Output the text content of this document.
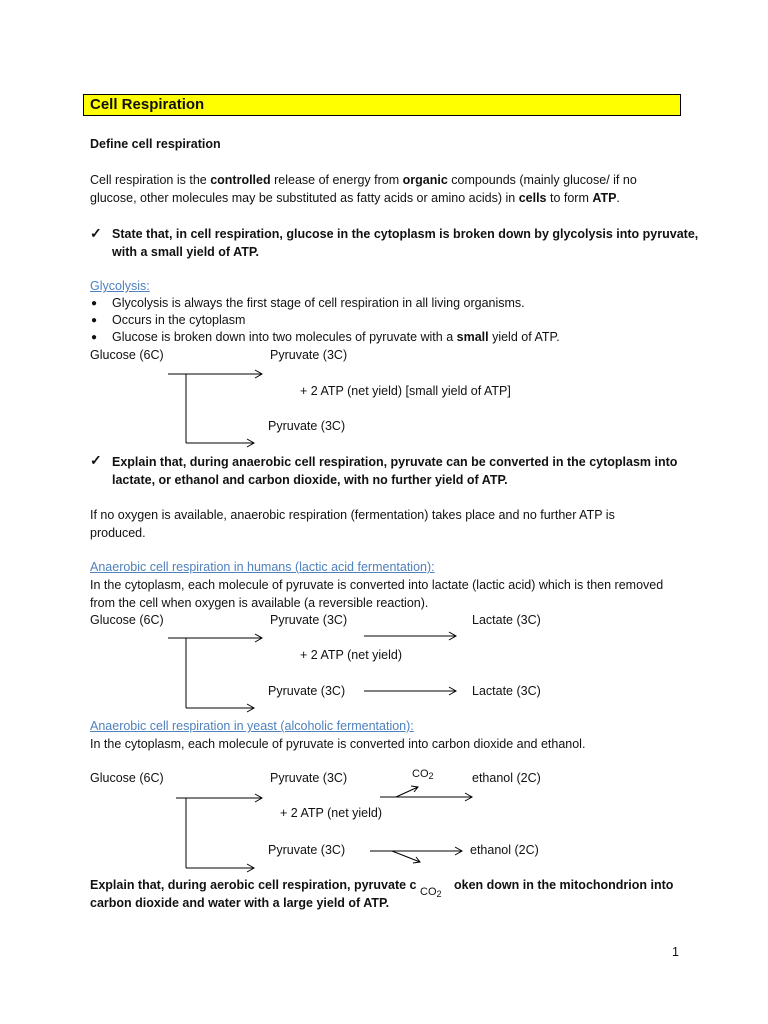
Cell Respiration
Define cell respiration
Cell respiration is the controlled release of energy from organic compounds (mainly glucose/ if no
glucose, other molecules may be substituted as fatty acids or amino acids) in cells to form ATP.
✓ State that, in cell respiration, glucose in the cytoplasm is broken down by glycolysis into pyruvate,
with a small yield of ATP.
Glycolysis:
● Glycolysis is always the first stage of cell respiration in all living organisms.
● Occurs in the cytoplasm
● Glucose is broken down into two molecules of pyruvate with a small yield of ATP.
Glucose (6C)	Pyruvate (3C)
+ 2 ATP (net yield) [small yield of ATP]
Pyruvate (3C)
✓ Explain that, during anaerobic cell respiration, pyruvate can be converted in the cytoplasm into
lactate, or ethanol and carbon dioxide, with no further yield of ATP.
If no oxygen is available, anaerobic respiration (fermentation) takes place and no further ATP is
produced.
Anaerobic cell respiration in humans (lactic acid fermentation):
In the cytoplasm, each molecule of pyruvate is converted into lactate (lactic acid) which is then removed
from the cell when oxygen is available (a reversible reaction).
Glucose (6C)	Pyruvate (3C)	Lactate (3C)
+ 2 ATP (net yield)
Pyruvate (3C)	Lactate (3C)
Anaerobic cell respiration in yeast (alcoholic fermentation):
In the cytoplasm, each molecule of pyruvate is converted into carbon dioxide and ethanol.
Glucose (6C)	Pyruvate (3C)	$CO_2$	ethanol (2C)
+ 2 ATP (net yield)
Pyruvate (3C)	ethanol (2C)
Explain that, during aerobic cell respiration, pyruvate c	oken down in the mitochondrion into
carbon dioxide and water with a large yield of ATP.
$CO_2$
1
